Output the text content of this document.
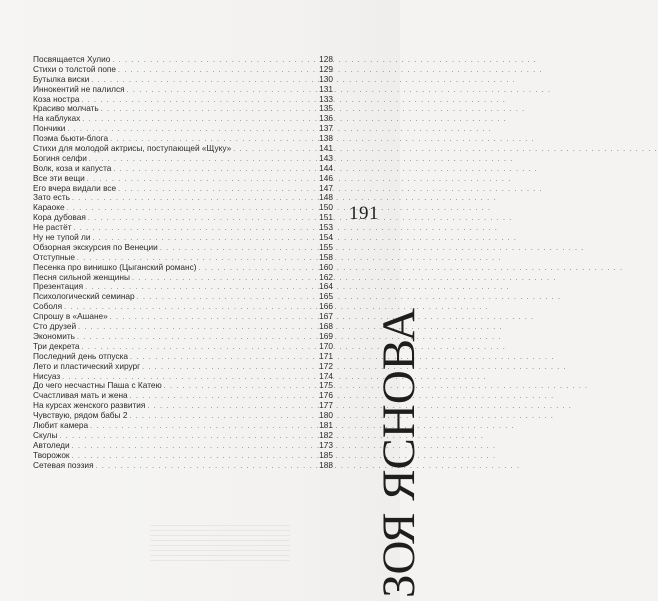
Посвящается Хулио . . .	128
Стихи о толстой попе . . .	129
Бутылка виски . . .	130
Иннокентий не палился . . .	131
Коза ностра . . .	133
Красиво молчать . . .	135
На каблуках . . .	136
Пончики . . .	137
Поэма бьюти-блога . . .	138
Стихи для молодой актрисы, поступающей «Щуку» . . .	141
Богиня селфи . . .	143
Волк, коза и капуста . . .	144
Все эти вещи . . .	146
Его вчера видали все . . .	147
Зато есть . . .	148
Караоке . . .	150
Кора дубовая . . .	151
Не растёт . . .	153
Ну не тупой ли . . .	154
Обзорная экскурсия по Венеции . . .	155
Отступные . . .	158
Песенка про винишко (Цыганский романс) . . .	160
Песня сильной женщины . . .	162
Презентация . . .	164
Психологический семинар . . .	165
Соболя . . .	166
Спрошу в «Ашане» . . .	167
Сто друзей . . .	168
Экономить . . .	169
Три декрета . . .	170
Последний день отпуска . . .	171
Лето и пластический хирург . . .	172
Нисуаз . . .	174
До чего несчастны Паша с Катею . . .	175
Счастливая мать и жена . . .	176
На курсах женского развития . . .	177
Чувствую, рядом бабы 2 . . .	180
Любит камера . . .	181
Скулы . . .	182
Автоледи . . .	173
Творожок . . .	185
Сетевая поэзия . . .	188
191
ЗОЯ ЯСНОВА
